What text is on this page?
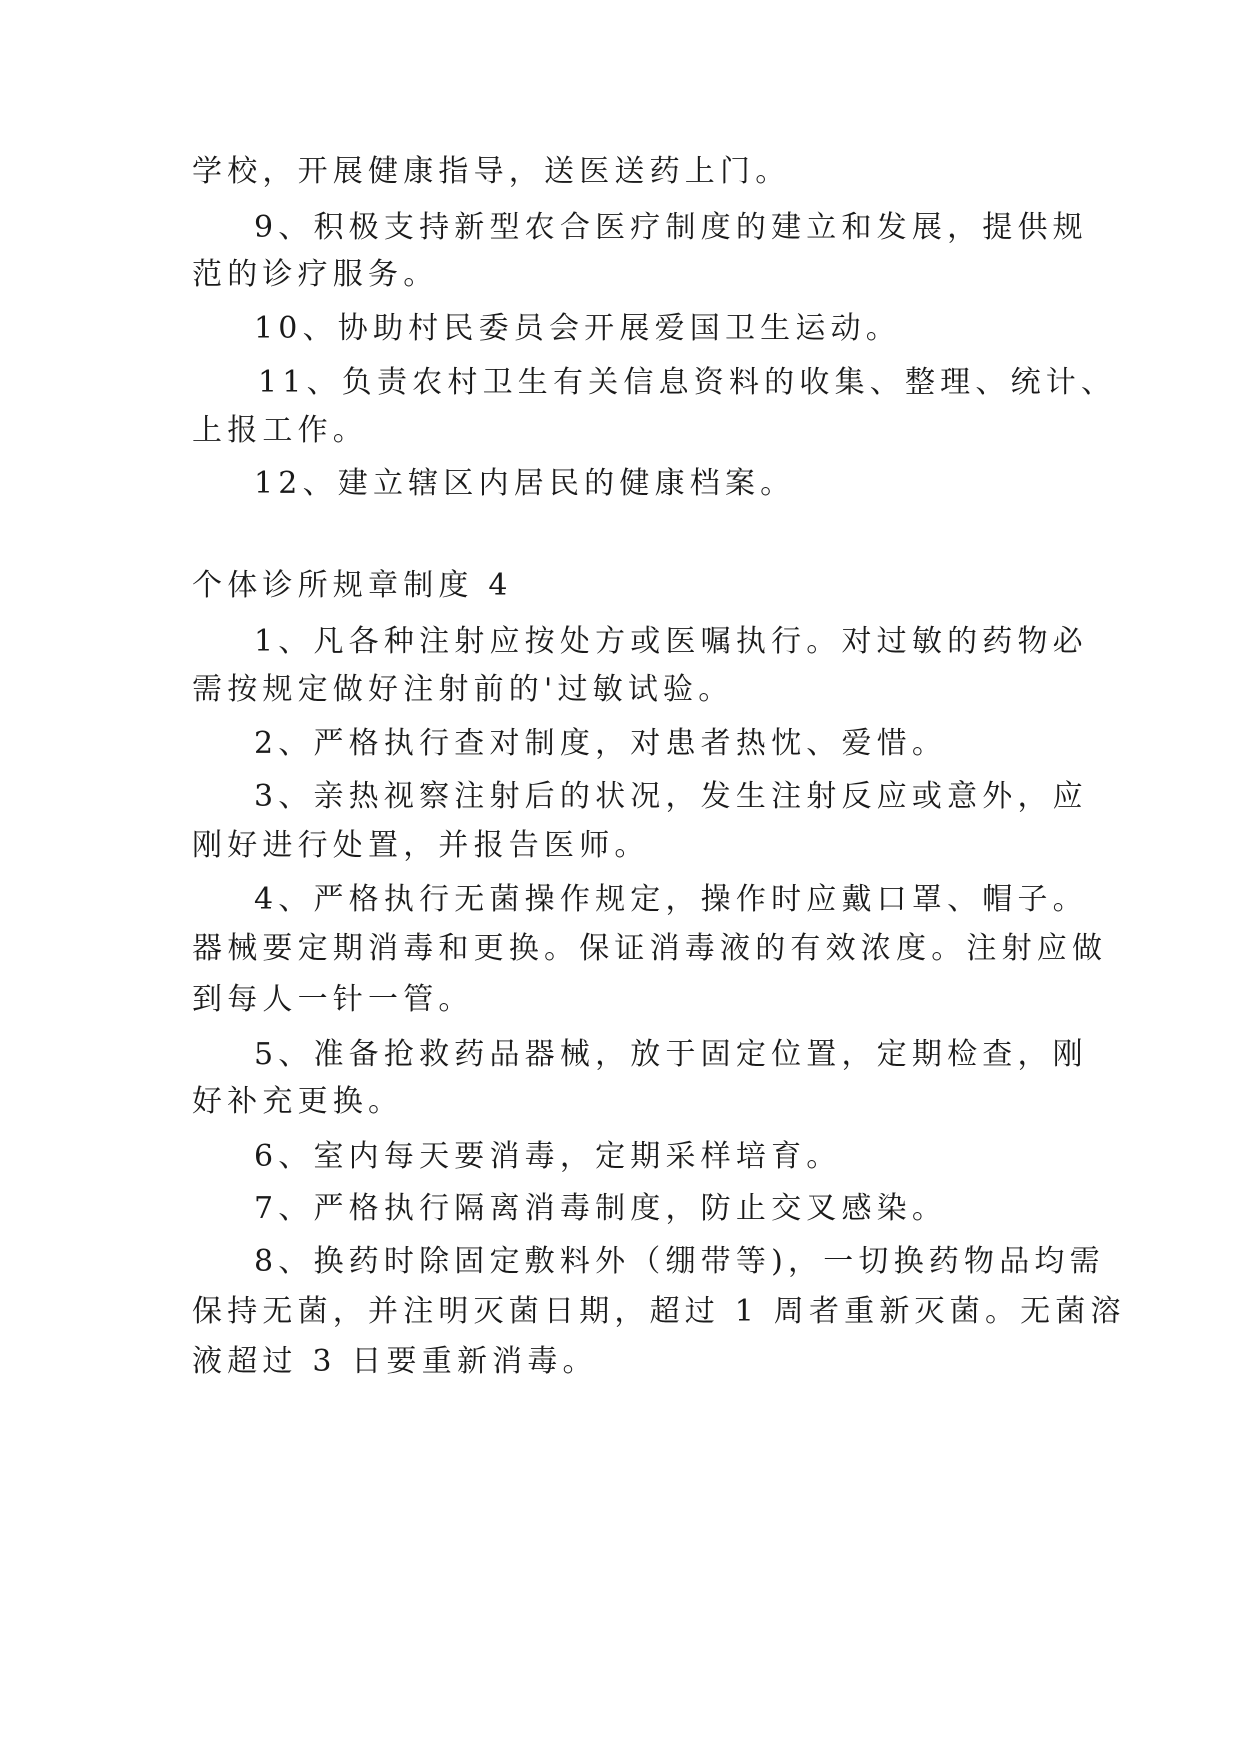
学校，开展健康指导，送医送药上门。
9、积极支持新型农合医疗制度的建立和发展，提供规
范的诊疗服务。
10、协助村民委员会开展爱国卫生运动。
11、负责农村卫生有关信息资料的收集、整理、统计、
上报工作。
12、建立辖区内居民的健康档案。
个体诊所规章制度 4
1、凡各种注射应按处方或医嘱执行。对过敏的药物必
需按规定做好注射前的'过敏试验。
2、严格执行查对制度，对患者热忱、爱惜。
3、亲热视察注射后的状况，发生注射反应或意外，应
刚好进行处置，并报告医师。
4、严格执行无菌操作规定，操作时应戴口罩、帽子。
器械要定期消毒和更换。保证消毒液的有效浓度。注射应做
到每人一针一管。
5、准备抢救药品器械，放于固定位置，定期检查，刚
好补充更换。
6、室内每天要消毒，定期采样培育。
7、严格执行隔离消毒制度，防止交叉感染。
8、换药时除固定敷料外（绷带等)，一切换药物品均需
保持无菌，并注明灭菌日期，超过 1 周者重新灭菌。无菌溶
液超过 3 日要重新消毒。
